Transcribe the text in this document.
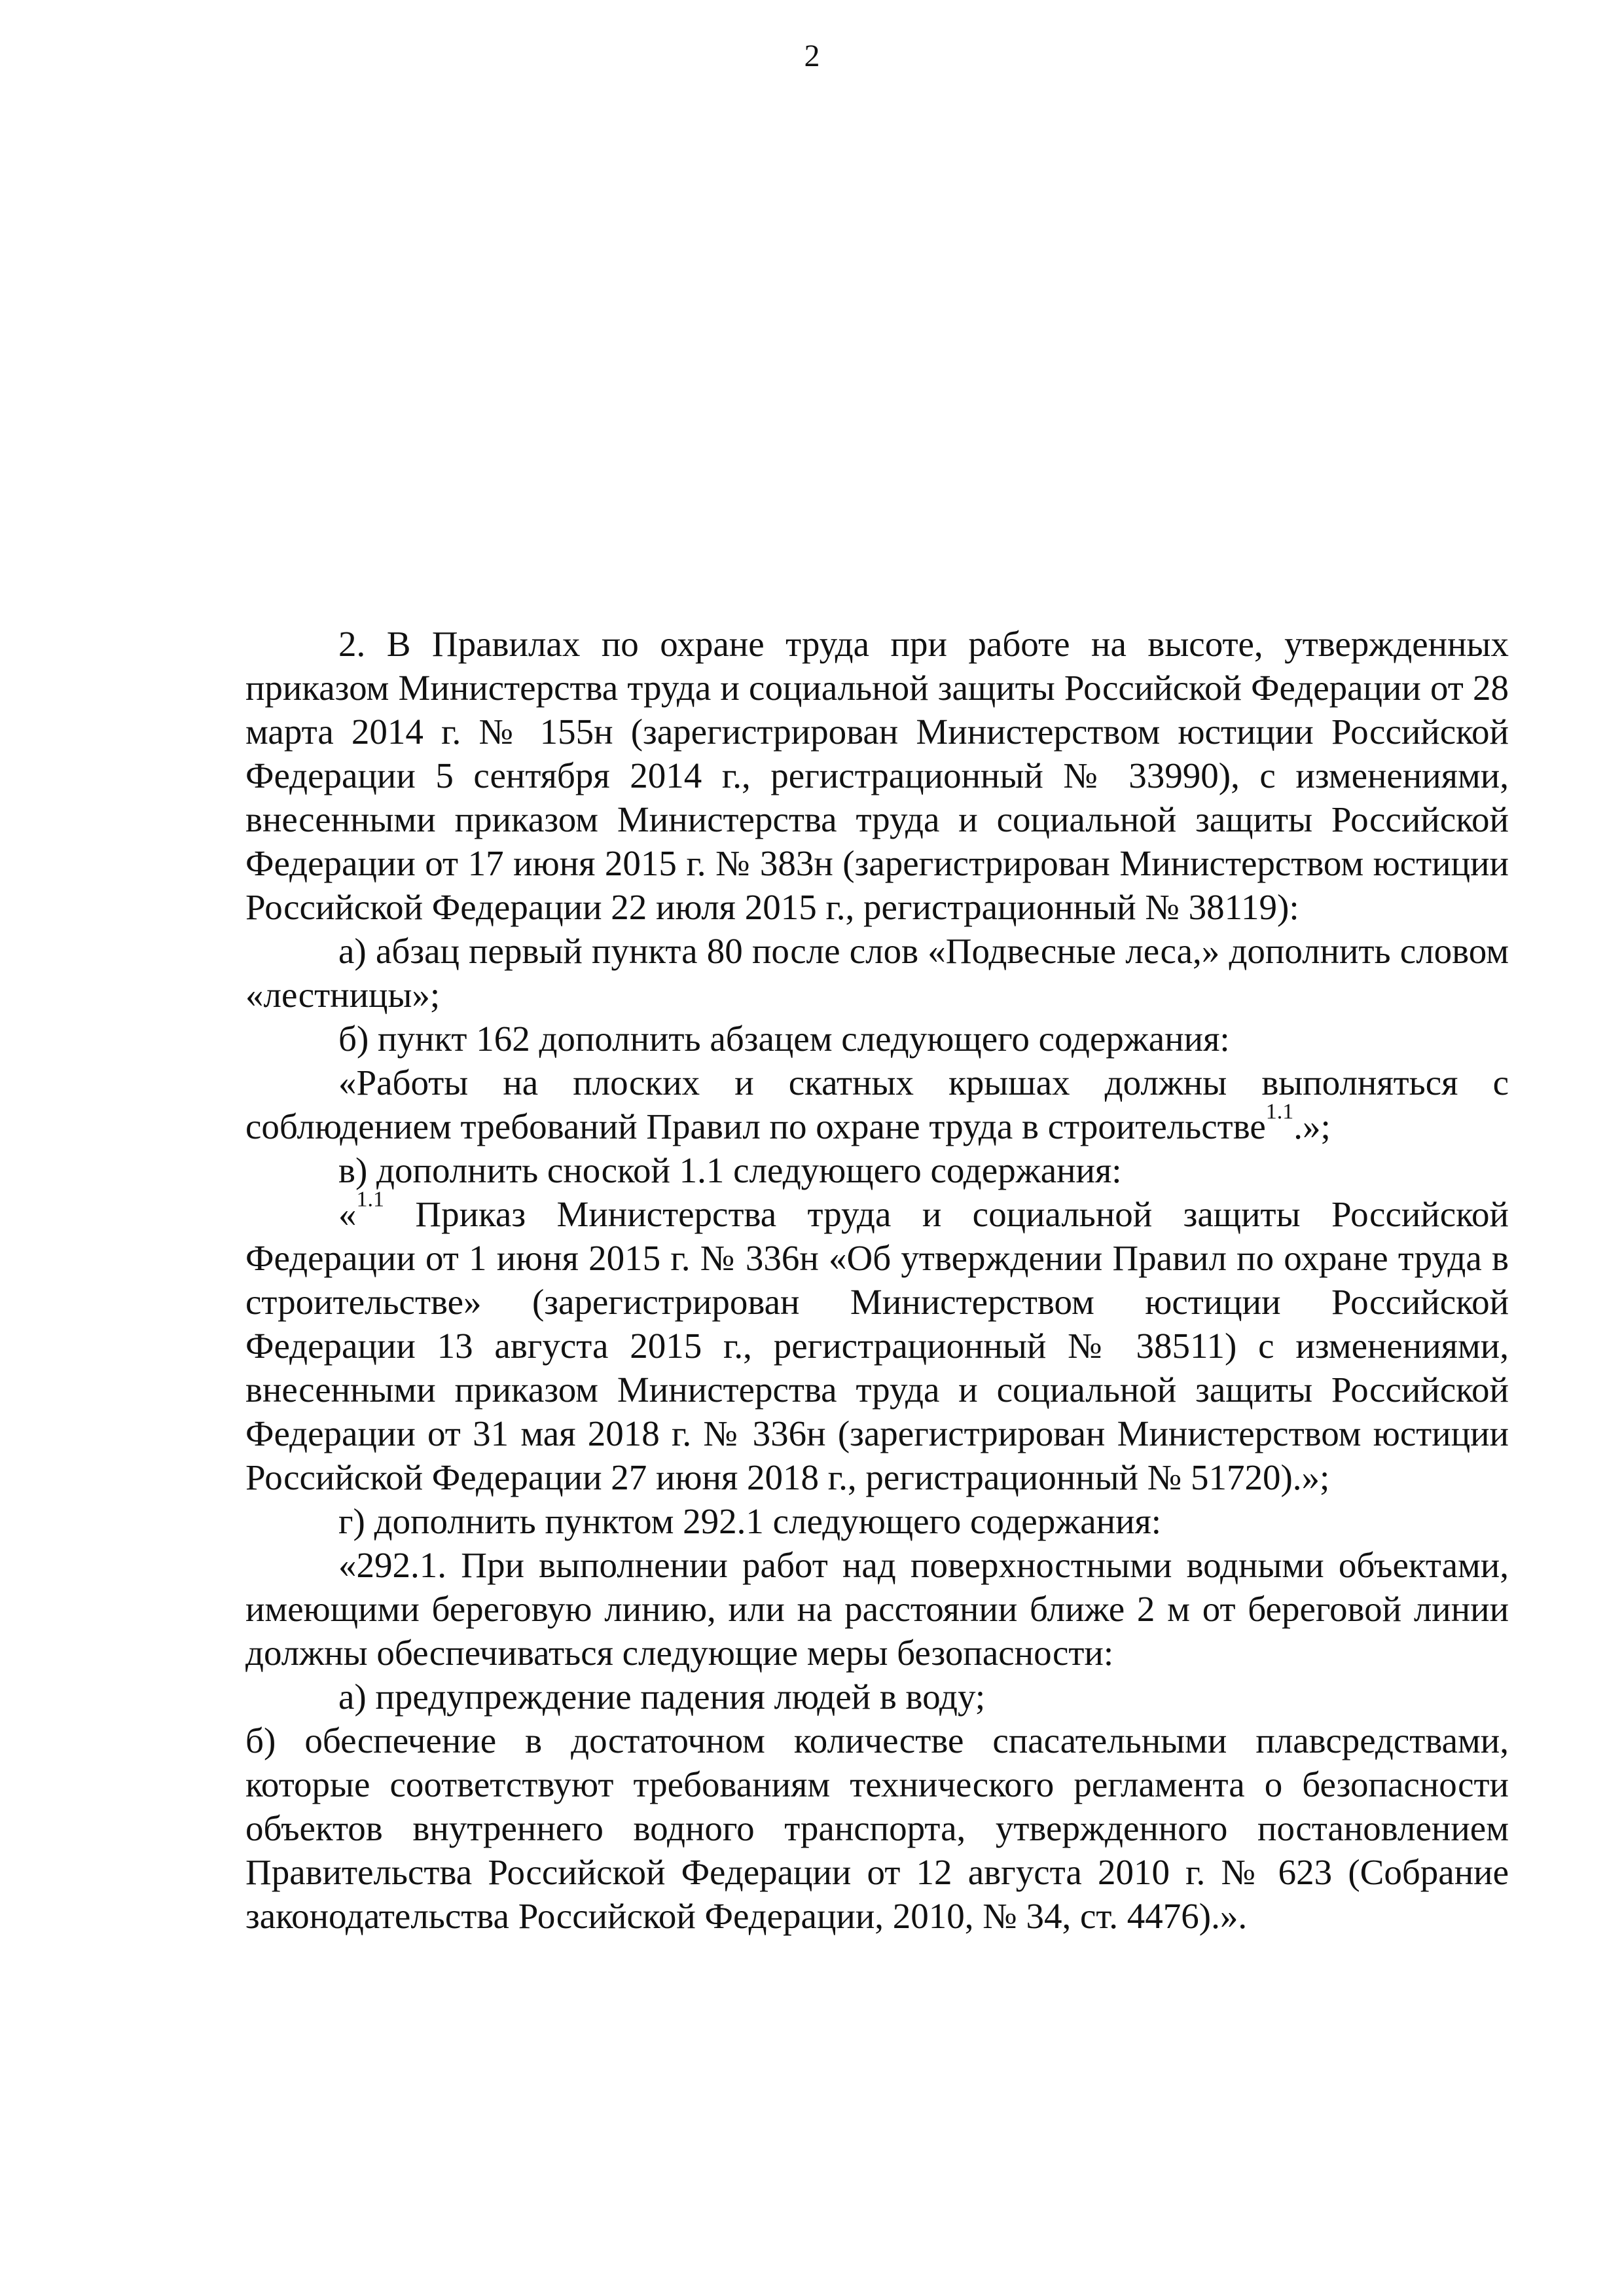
2

2. В Правилах по охране труда при работе на высоте, утвержденных приказом Министерства труда и социальной защиты Российской Федерации от 28 марта 2014 г. № 155н (зарегистрирован Министерством юстиции Российской Федерации 5 сентября 2014 г., регистрационный № 33990), с изменениями, внесенными приказом Министерства труда и социальной защиты Российской Федерации от 17 июня 2015 г. № 383н (зарегистрирован Министерством юстиции Российской Федерации 22 июля 2015 г., регистрационный № 38119):

а) абзац первый пункта 80 после слов «Подвесные леса,» дополнить словом «лестницы»;

б) пункт 162 дополнить абзацем следующего содержания:

«Работы на плоских и скатных крышах должны выполняться с соблюдением требований Правил по охране труда в строительстве$^{1.1}$.»;

в) дополнить сноской 1.1 следующего содержания:

«$^{1.1}$ Приказ Министерства труда и социальной защиты Российской Федерации от 1 июня 2015 г. № 336н «Об утверждении Правил по охране труда в строительстве» (зарегистрирован Министерством юстиции Российской Федерации 13 августа 2015 г., регистрационный № 38511) с изменениями, внесенными приказом Министерства труда и социальной защиты Российской Федерации от 31 мая 2018 г. № 336н (зарегистрирован Министерством юстиции Российской Федерации 27 июня 2018 г., регистрационный № 51720).»;

г) дополнить пунктом 292.1 следующего содержания:

«292.1. При выполнении работ над поверхностными водными объектами, имеющими береговую линию, или на расстоянии ближе 2 м от береговой линии должны обеспечиваться следующие меры безопасности:

а) предупреждение падения людей в воду;

б) обеспечение в достаточном количестве спасательными плавсредствами, которые соответствуют требованиям технического регламента о безопасности объектов внутреннего водного транспорта, утвержденного постановлением Правительства Российской Федерации от 12 августа 2010 г. № 623 (Собрание законодательства Российской Федерации, 2010, № 34, ст. 4476).».
